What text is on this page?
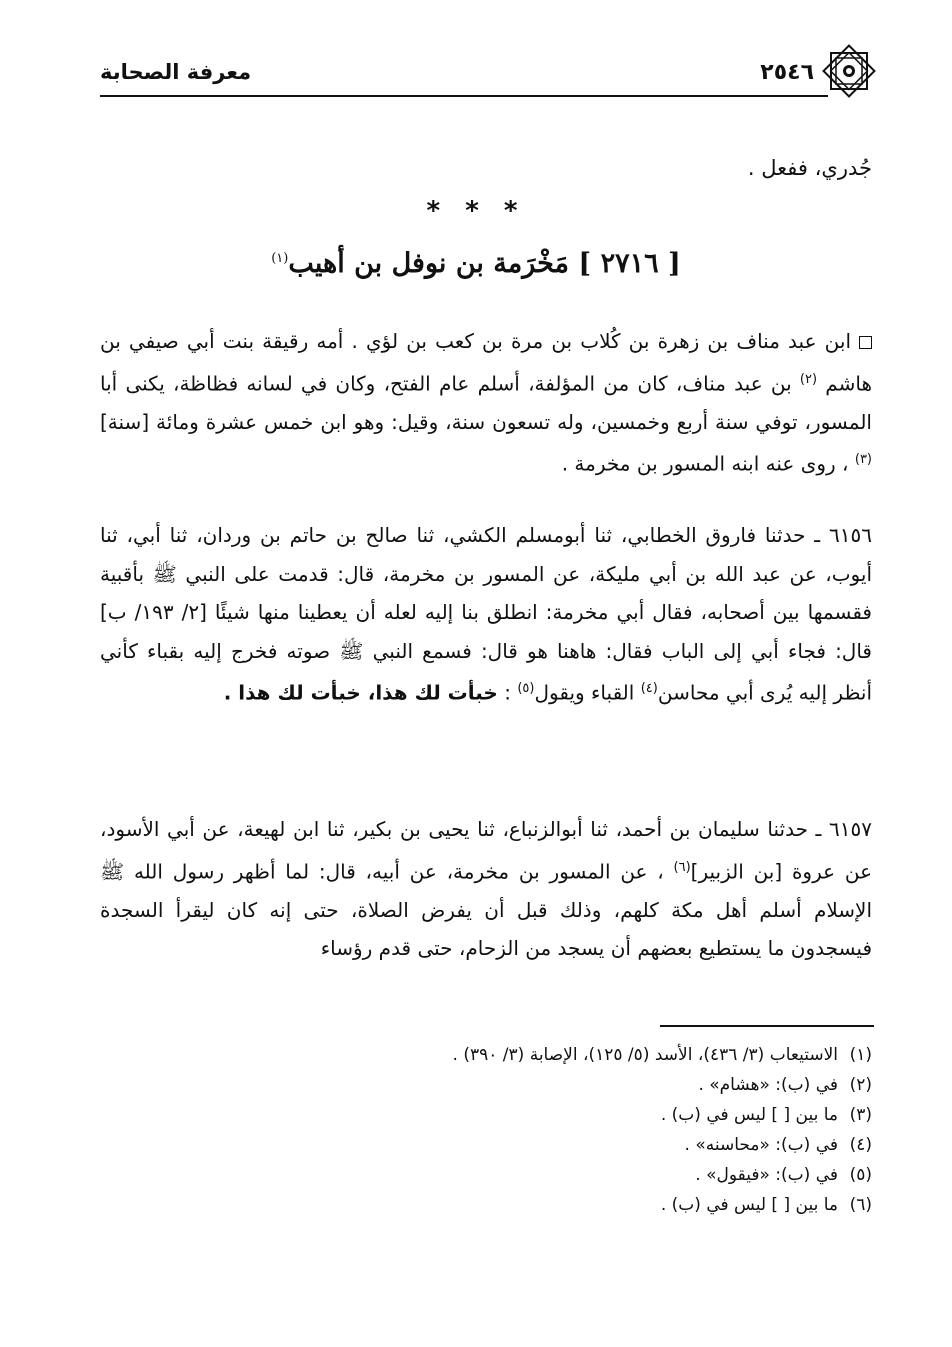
معرفة الصحابة	٢٥٤٦
جُدري، ففعل .
* * *
[ ٢٧١٦ ] مَخْرَمة بن نوفل بن أهيب$^{(١)}$
ابن عبد مناف بن زهرة بن كُلاب بن مرة بن كعب بن لؤي . أمه رقيقة بنت أبي صيفي بن هاشم $^{(٢)}$ بن عبد مناف، كان من المؤلفة، أسلم عام الفتح، وكان في لسانه فظاظة، يكنى أبا المسور، توفي سنة أربع وخمسين، وله تسعون سنة، وقيل: وهو ابن خمس عشرة ومائة [سنة]$^{(٣)}$ ، روى عنه ابنه المسور بن مخرمة .
٦١٥٦ ـ حدثنا فاروق الخطابي، ثنا أبومسلم الكشي، ثنا صالح بن حاتم بن وردان، ثنا أبي، ثنا أيوب، عن عبد الله بن أبي مليكة، عن المسور بن مخرمة، قال: قدمت على النبي ﷺ بأقبية فقسمها بين أصحابه، فقال أبي مخرمة: انطلق بنا إليه لعله أن يعطينا منها شيئًا [٢/ ١٩٣/ ب] قال: فجاء أبي إلى الباب فقال: هاهنا هو قال: فسمع النبي ﷺ صوته فخرج إليه بقباء كأني أنظر إليه يُرى أبي محاسن$^{(٤)}$ القباء ويقول$^{(٥)}$ : خبأت لك هذا، خبأت لك هذا .
٦١٥٧ ـ حدثنا سليمان بن أحمد، ثنا أبوالزنباع، ثنا يحيى بن بكير، ثنا ابن لهيعة، عن أبي الأسود، عن عروة [بن الزبير]$^{(٦)}$ ، عن المسور بن مخرمة، عن أبيه، قال: لما أظهر رسول الله ﷺ الإسلام أسلم أهل مكة كلهم، وذلك قبل أن يفرض الصلاة، حتى إنه كان ليقرأ السجدة فيسجدون ما يستطيع بعضهم أن يسجد من الزحام، حتى قدم رؤساء
(١)الاستيعاب (٣/ ٤٣٦)، الأسد (٥/ ١٢٥)، الإصابة (٣/ ٣٩٠) .
(٢)في (ب): «هشام» .
(٣)ما بين [ ] ليس في (ب) .
(٤)في (ب): «محاسنه» .
(٥)في (ب): «فيقول» .
(٦)ما بين [ ] ليس في (ب) .
